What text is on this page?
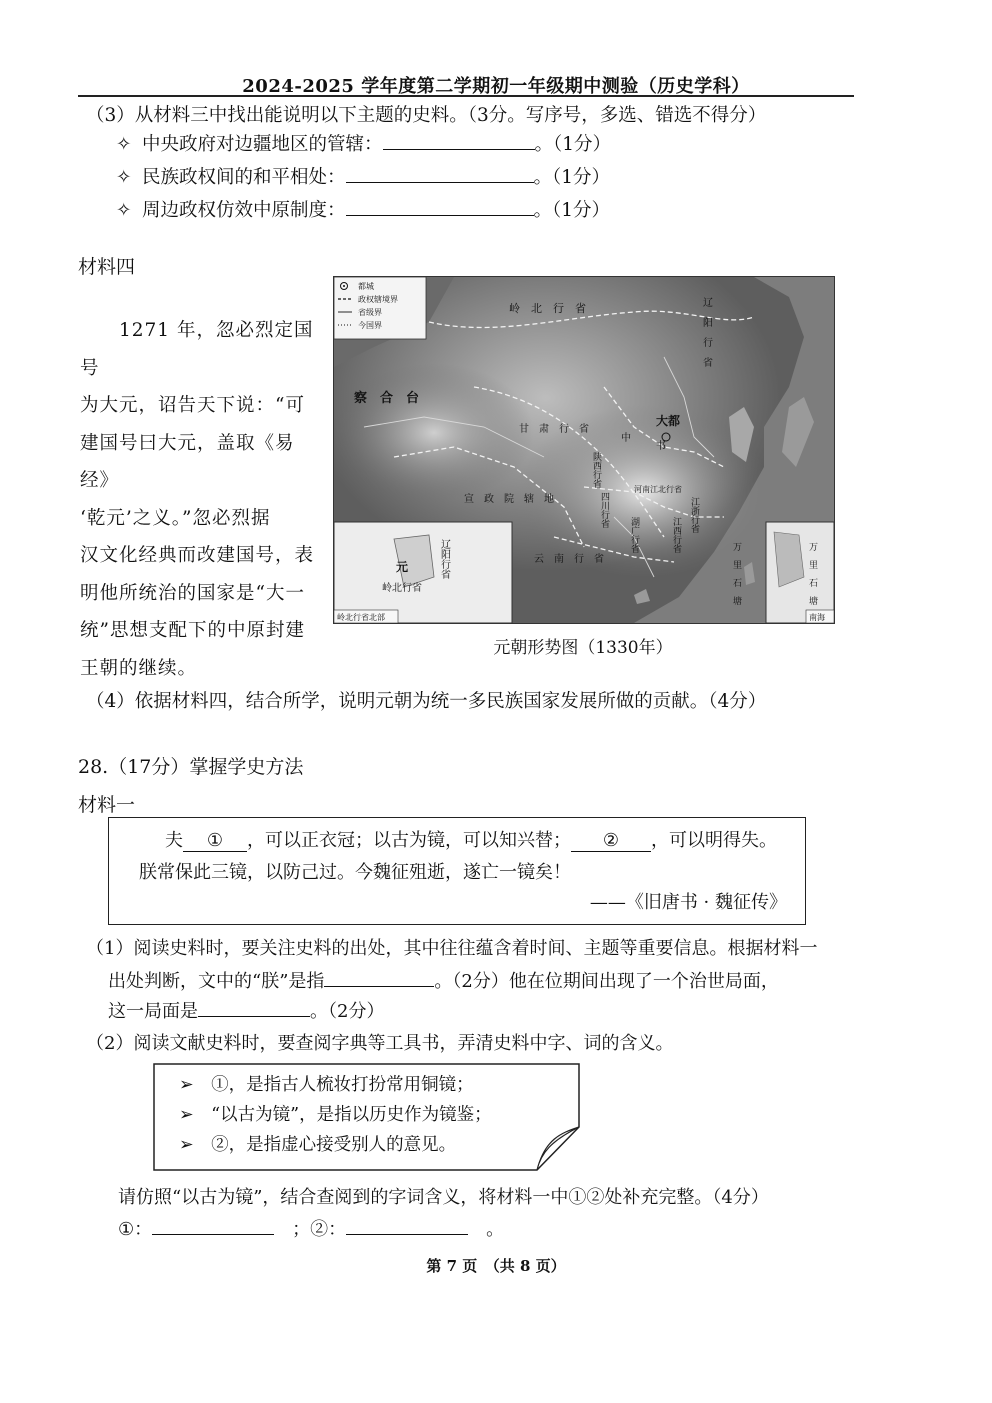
2024-2025 学年度第二学期初一年级期中测验（历史学科）
（3）从材料三中找出能说明以下主题的史料。（3分。写序号，多选、错选不得分）
✧ 中央政府对边疆地区的管辖：	。（1分）
✧ 民族政权间的和平相处：	。（1分）
✧ 周边政权仿效中原制度：	。（1分）
材料四
　　1271 年，忽必烈定国号
为大元，诏告天下说：“可
建国号曰大元，盖取《易经》
‘乾元’之义。”忽必烈据
汉文化经典而改建国号，表
明他所统治的国家是“大一
统”思想支配下的中原封建
王朝的继续。
都城
政权辖境界
省级界
今国界
岭　北　行　省	辽　阳　行　省
中
大都
书
察　合　台
甘　肃　行　省
陕西行省
河南江北行省
四川行省
湖广行省
江浙行省
江西行省
云　南　行　省
宣　政　院　辖　地
万　里　石　塘
元
岭北行省
辽阳行省
岭北行省北部
万　里　石　塘
南海
元朝形势图（1330年）
（4）依据材料四，结合所学，说明元朝为统一多民族国家发展所做的贡献。（4分）
28.（17分）掌握学史方法
材料一
夫 ① ，可以正衣冠；以古为镜，可以知兴替； ② ，可以明得失。
朕常保此三镜，以防己过。今魏征殂逝，遂亡一镜矣！
——《旧唐书 · 魏征传》
（1）阅读史料时，要关注史料的出处，其中往往蕴含着时间、主题等重要信息。根据材料一
出处判断，文中的“朕”是指	。（2分）他在位期间出现了一个治世局面，
这一局面是	。（2分）
（2）阅读文献史料时，要查阅字典等工具书，弄清史料中字、词的含义。
➢　 ①，是指古人梳妆打扮常用铜镜；
➢　 “以古为镜”，是指以历史作为镜鉴；
➢　 ②，是指虚心接受别人的意见。
请仿照“以古为镜”，结合查阅到的字词含义，将材料一中①②处补充完整。（4分）
①：　	；②：　	。
第 7 页　（共 8 页）
